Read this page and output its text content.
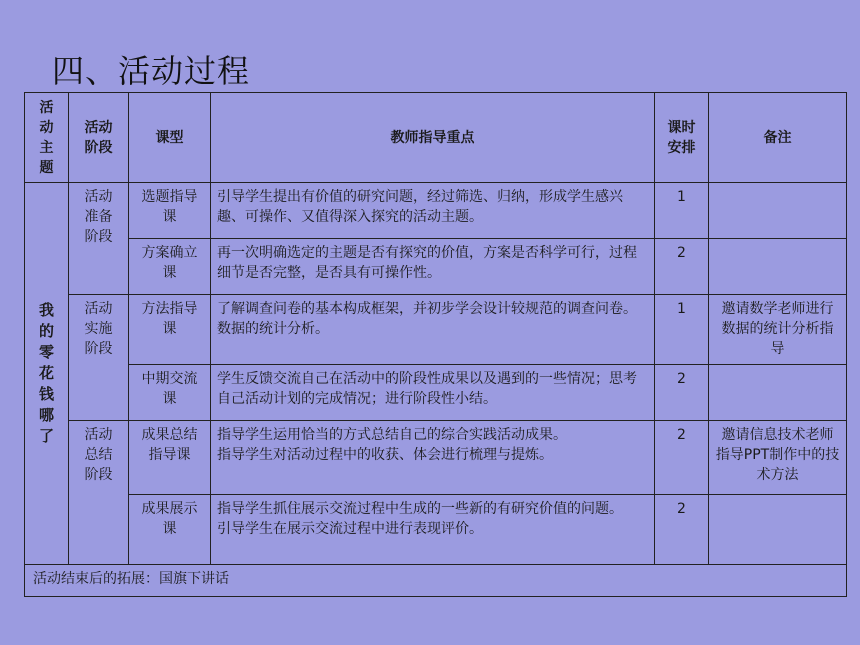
四、活动过程
活动主题	活动阶段	课型	教师指导重点	课时安排	备注

我的零花钱哪了	活动准备阶段	选题指导课	引导学生提出有价值的研究问题，经过筛选、归纳，形成学生感兴趣、可操作、又值得深入探究的活动主题。	1	
		方案确立课	再一次明确选定的主题是否有探究的价值，方案是否科学可行，过程细节是否完整，是否具有可操作性。	2	

	活动实施阶段	方法指导课	了解调查问卷的基本构成框架，并初步学会设计较规范的调查问卷。
数据的统计分析。	1	邀请数学老师进行数据的统计分析指导
		中期交流课	学生反馈交流自己在活动中的阶段性成果以及遇到的一些情况；思考自己活动计划的完成情况；进行阶段性小结。	2	

	活动总结阶段	成果总结指导课	指导学生运用恰当的方式总结自己的综合实践活动成果。
指导学生对活动过程中的收获、体会进行梳理与提炼。	2	邀请信息技术老师指导PPT制作中的技术方法
		成果展示课	指导学生抓住展示交流过程中生成的一些新的有研究价值的问题。
引导学生在展示交流过程中进行表现评价。	2	
活动结束后的拓展：国旗下讲话					
